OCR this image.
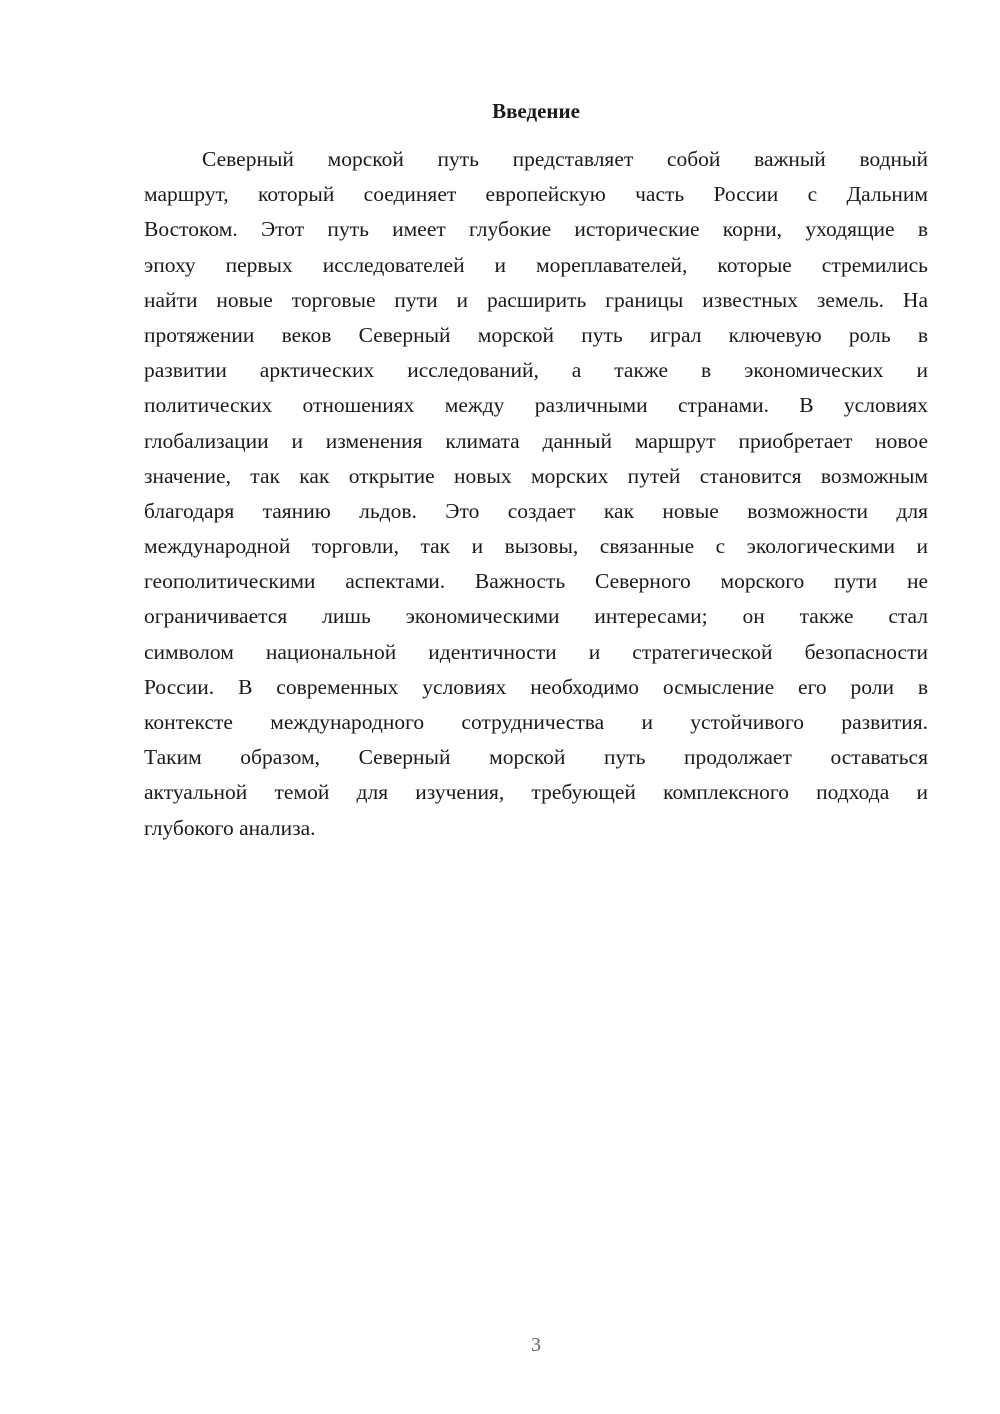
Введение
Северный морской путь представляет собой важный водный
маршрут, который соединяет европейскую часть России с Дальним
Востоком. Этот путь имеет глубокие исторические корни, уходящие в
эпоху первых исследователей и мореплавателей, которые стремились
найти новые торговые пути и расширить границы известных земель. На
протяжении веков Северный морской путь играл ключевую роль в
развитии арктических исследований, а также в экономических и
политических отношениях между различными странами. В условиях
глобализации и изменения климата данный маршрут приобретает новое
значение, так как открытие новых морских путей становится возможным
благодаря таянию льдов. Это создает как новые возможности для
международной торговли, так и вызовы, связанные с экологическими и
геополитическими аспектами. Важность Северного морского пути не
ограничивается лишь экономическими интересами; он также стал
символом национальной идентичности и стратегической безопасности
России. В современных условиях необходимо осмысление его роли в
контексте международного сотрудничества и устойчивого развития.
Таким образом, Северный морской путь продолжает оставаться
актуальной темой для изучения, требующей комплексного подхода и
глубокого анализа.
3
